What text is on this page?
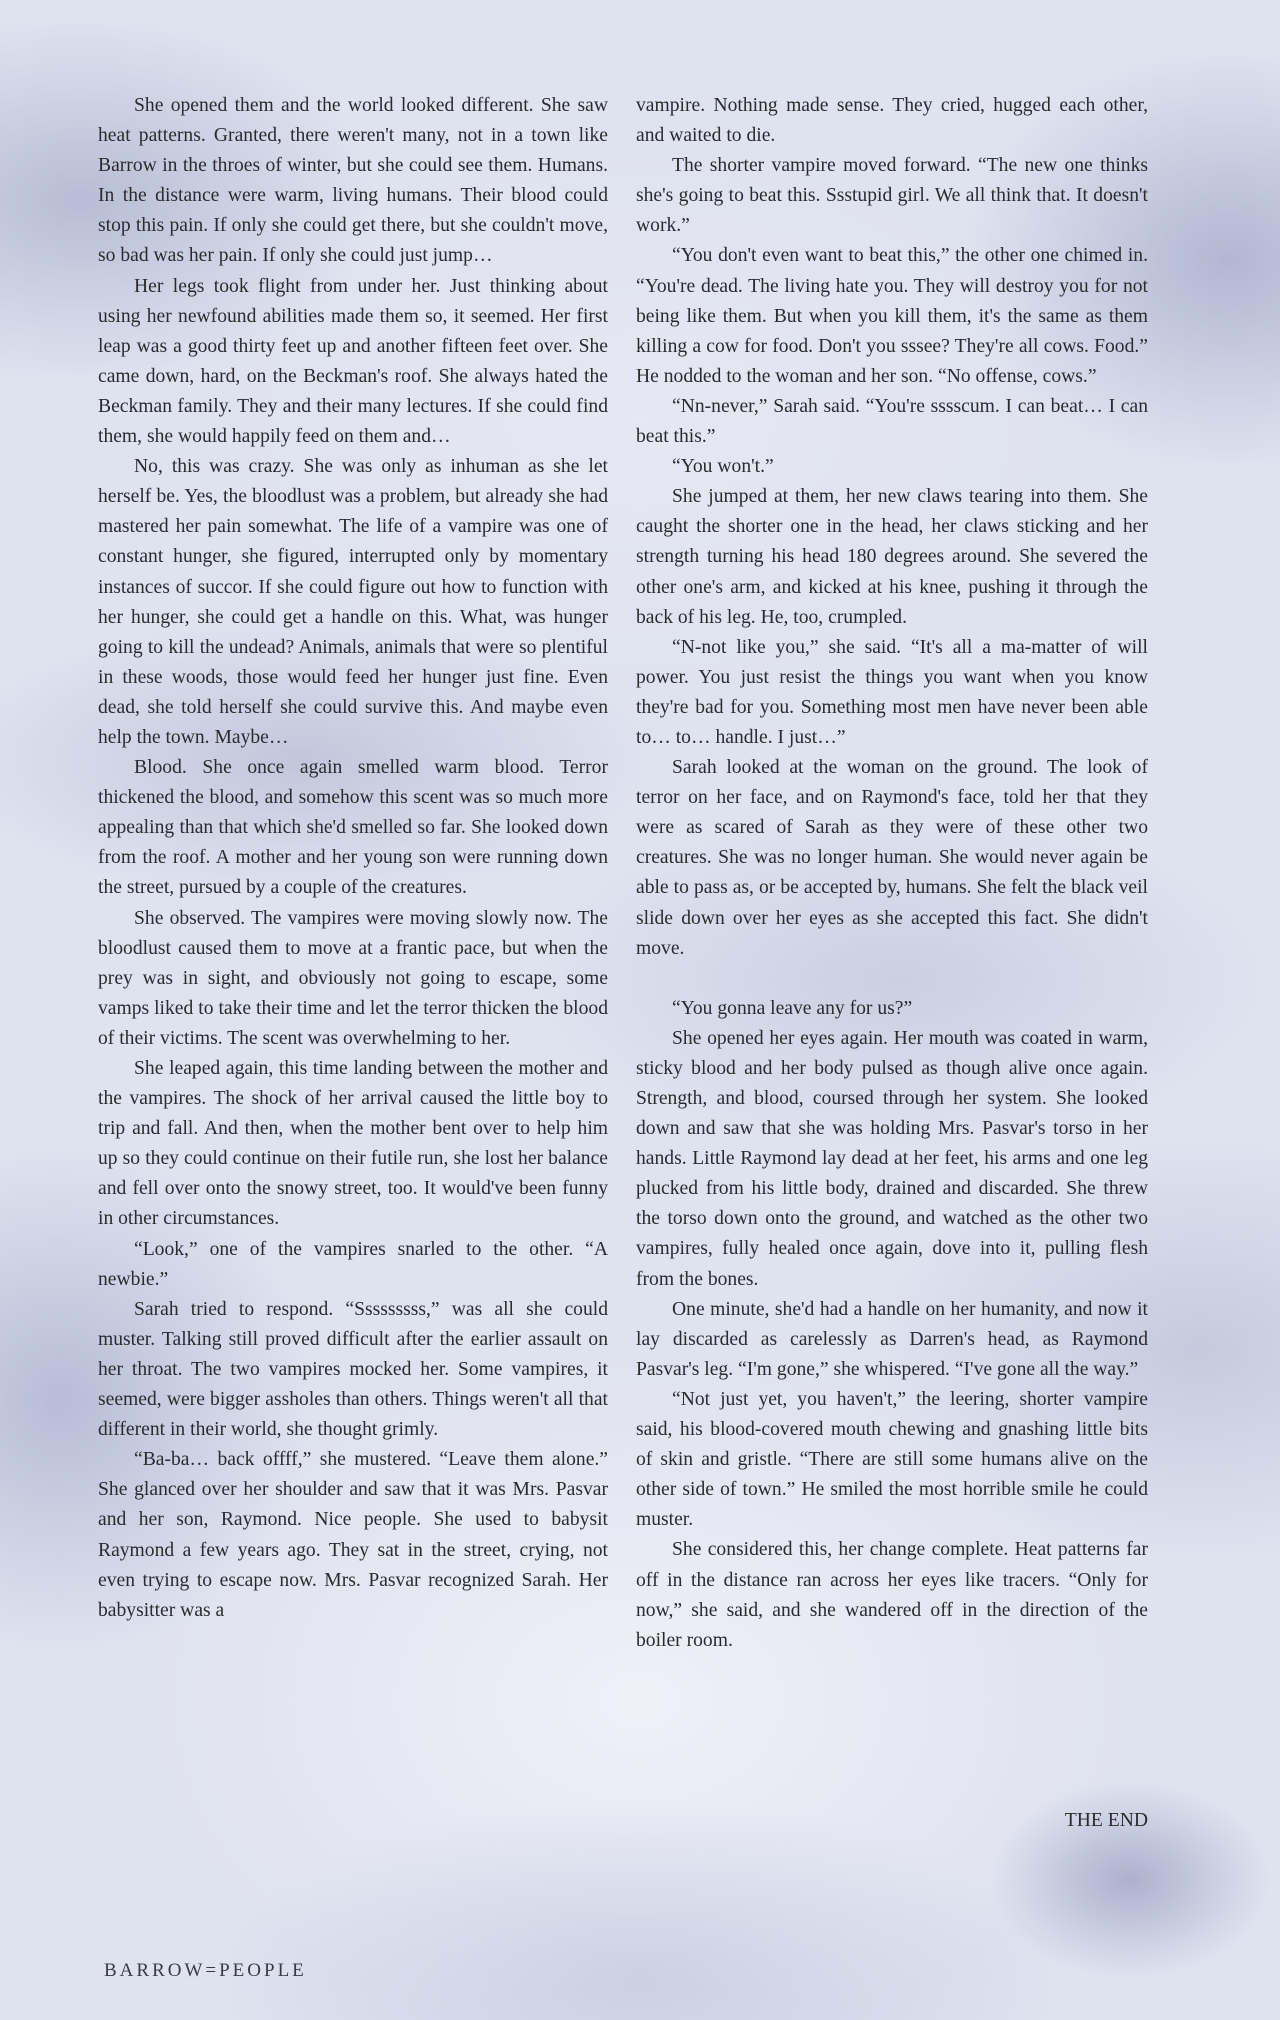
She opened them and the world looked different. She saw heat patterns. Granted, there weren't many, not in a town like Barrow in the throes of winter, but she could see them. Humans. In the distance were warm, living humans. Their blood could stop this pain. If only she could get there, but she couldn't move, so bad was her pain. If only she could just jump…

Her legs took flight from under her. Just thinking about using her newfound abilities made them so, it seemed. Her first leap was a good thirty feet up and another fifteen feet over. She came down, hard, on the Beckman's roof. She always hated the Beckman family. They and their many lectures. If she could find them, she would happily feed on them and…

No, this was crazy. She was only as inhuman as she let herself be. Yes, the bloodlust was a problem, but already she had mastered her pain somewhat. The life of a vampire was one of constant hunger, she figured, interrupted only by momentary instances of succor. If she could figure out how to function with her hunger, she could get a handle on this. What, was hunger going to kill the undead? Animals, animals that were so plentiful in these woods, those would feed her hunger just fine. Even dead, she told herself she could survive this. And maybe even help the town. Maybe…

Blood. She once again smelled warm blood. Terror thickened the blood, and somehow this scent was so much more appealing than that which she'd smelled so far. She looked down from the roof. A mother and her young son were running down the street, pursued by a couple of the creatures.

She observed. The vampires were moving slowly now. The bloodlust caused them to move at a frantic pace, but when the prey was in sight, and obviously not going to escape, some vamps liked to take their time and let the terror thicken the blood of their victims. The scent was overwhelming to her.

She leaped again, this time landing between the mother and the vampires. The shock of her arrival caused the little boy to trip and fall. And then, when the mother bent over to help him up so they could continue on their futile run, she lost her balance and fell over onto the snowy street, too. It would've been funny in other circumstances.

“Look,” one of the vampires snarled to the other. “A newbie.”

Sarah tried to respond. “Sssssssss,” was all she could muster. Talking still proved difficult after the earlier assault on her throat. The two vampires mocked her. Some vampires, it seemed, were bigger assholes than others. Things weren't all that different in their world, she thought grimly.

“Ba-ba… back offff,” she mustered. “Leave them alone.” She glanced over her shoulder and saw that it was Mrs. Pasvar and her son, Raymond. Nice people. She used to babysit Raymond a few years ago. They sat in the street, crying, not even trying to escape now. Mrs. Pasvar recognized Sarah. Her babysitter was a

vampire. Nothing made sense. They cried, hugged each other, and waited to die.

The shorter vampire moved forward. “The new one thinks she's going to beat this. Ssstupid girl. We all think that. It doesn't work.”

“You don't even want to beat this,” the other one chimed in. “You're dead. The living hate you. They will destroy you for not being like them. But when you kill them, it's the same as them killing a cow for food. Don't you sssee? They're all cows. Food.” He nodded to the woman and her son. “No offense, cows.”

“Nn-never,” Sarah said. “You're sssscum. I can beat… I can beat this.”

“You won't.”

She jumped at them, her new claws tearing into them. She caught the shorter one in the head, her claws sticking and her strength turning his head 180 degrees around. She severed the other one's arm, and kicked at his knee, pushing it through the back of his leg. He, too, crumpled.

“N-not like you,” she said. “It's all a ma-matter of will power. You just resist the things you want when you know they're bad for you. Something most men have never been able to… to… handle. I just…”

Sarah looked at the woman on the ground. The look of terror on her face, and on Raymond's face, told her that they were as scared of Sarah as they were of these other two creatures. She was no longer human. She would never again be able to pass as, or be accepted by, humans. She felt the black veil slide down over her eyes as she accepted this fact. She didn't move.

“You gonna leave any for us?”

She opened her eyes again. Her mouth was coated in warm, sticky blood and her body pulsed as though alive once again. Strength, and blood, coursed through her system. She looked down and saw that she was holding Mrs. Pasvar's torso in her hands. Little Raymond lay dead at her feet, his arms and one leg plucked from his little body, drained and discarded. She threw the torso down onto the ground, and watched as the other two vampires, fully healed once again, dove into it, pulling flesh from the bones.

One minute, she'd had a handle on her humanity, and now it lay discarded as carelessly as Darren's head, as Raymond Pasvar's leg. “I'm gone,” she whispered. “I've gone all the way.”

“Not just yet, you haven't,” the leering, shorter vampire said, his blood-covered mouth chewing and gnashing little bits of skin and gristle. “There are still some humans alive on the other side of town.” He smiled the most horrible smile he could muster.

She considered this, her change complete. Heat patterns far off in the distance ran across her eyes like tracers. “Only for now,” she said, and she wandered off in the direction of the boiler room.

THE END
BARROW=PEOPLE
